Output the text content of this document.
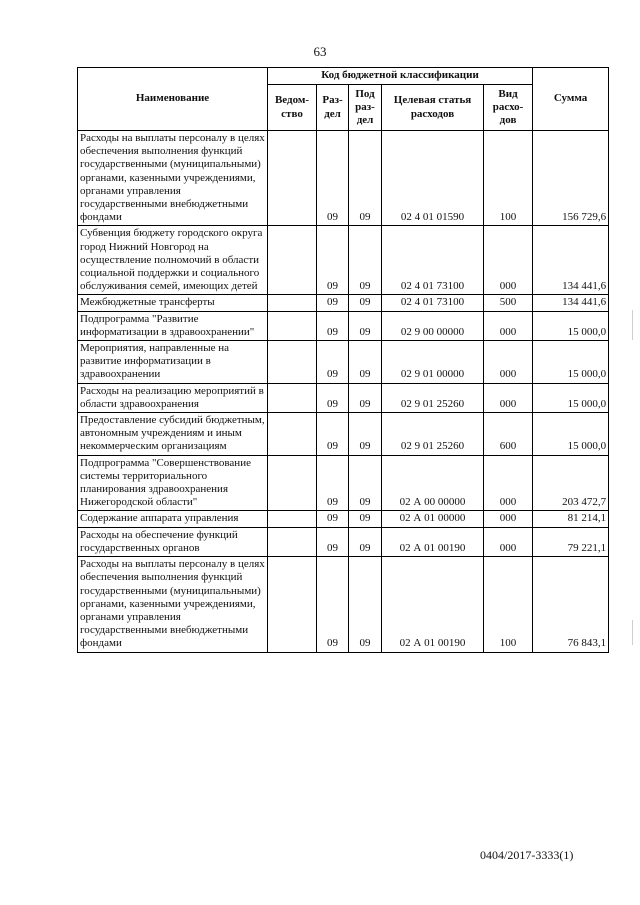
63
Наименование	Код бюджетной классификации					Сумма
	Ведом-ство	Раз-дел	Под раз-дел	Целевая статья расходов	Вид расхо-дов	
Расходы на выплаты персоналу в целях обеспечения выполнения функций государственными (муниципальными) органами, казенными учреждениями, органами управления государственными внебюджетными фондами		09	09	02 4 01 01590	100	156 729,6
Субвенция бюджету городского округа город Нижний Новгород на осуществление полномочий в области социальной поддержки и социального обслуживания семей, имеющих детей		09	09	02 4 01 73100	000	134 441,6
Межбюджетные трансферты		09	09	02 4 01 73100	500	134 441,6
Подпрограмма "Развитие информатизации в здравоохранении"		09	09	02 9 00 00000	000	15 000,0
Мероприятия, направленные на развитие информатизации в здравоохранении		09	09	02 9 01 00000	000	15 000,0
Расходы на реализацию мероприятий в области здравоохранения		09	09	02 9 01 25260	000	15 000,0
Предоставление субсидий бюджетным, автономным учреждениям и иным некоммерческим организациям		09	09	02 9 01 25260	600	15 000,0
Подпрограмма "Совершенствование системы территориального планирования здравоохранения Нижегородской области"		09	09	02 А 00 00000	000	203 472,7
Содержание аппарата управления		09	09	02 А 01 00000	000	81 214,1
Расходы на обеспечение функций государственных органов		09	09	02 А 01 00190	000	79 221,1
Расходы на выплаты персоналу в целях обеспечения выполнения функций государственными (муниципальными) органами, казенными учреждениями, органами управления государственными внебюджетными фондами		09	09	02 А 01 00190	100	76 843,1
0404/2017-3333(1)
